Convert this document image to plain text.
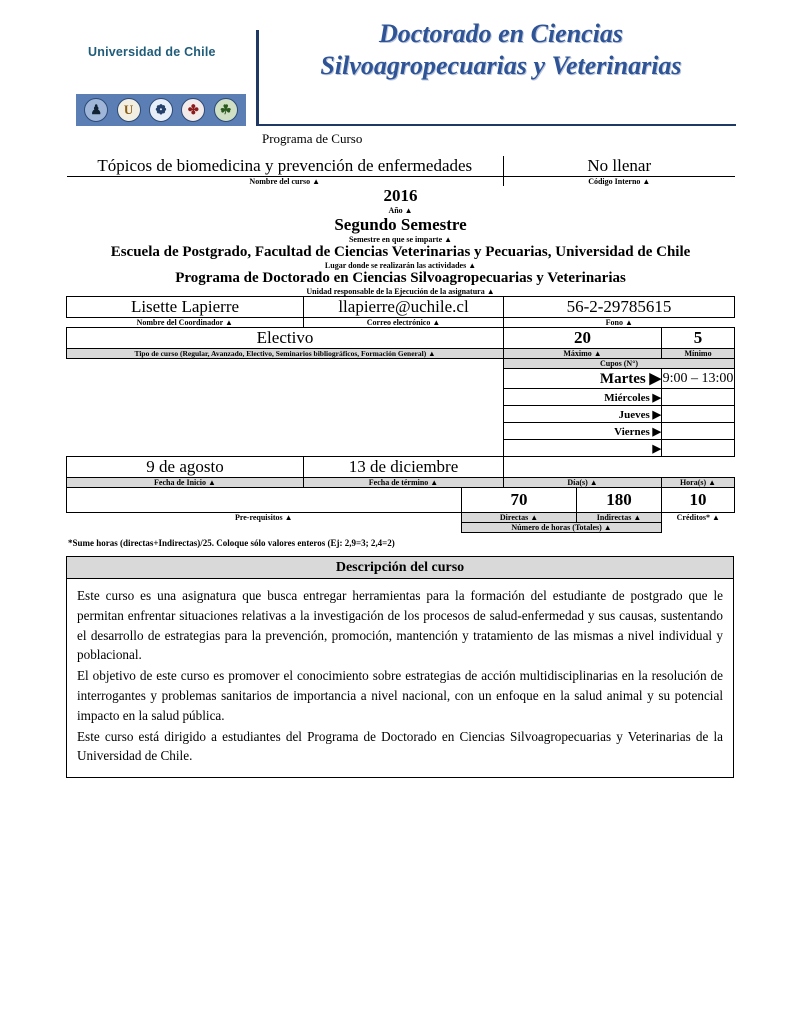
Universidad de Chile
Doctorado en Ciencias
Silvoagropecuarias y Veterinarias
♟	U	❁	✤	☘
Programa de Curso
Tópicos de biomedicina y prevención de enfermedades			No llenar		
Nombre del curso ▲			Código Interno ▲		
2016					
Año ▲					
Segundo Semestre					
Semestre en que se imparte ▲					
Escuela de Postgrado, Facultad de Ciencias Veterinarias y Pecuarias, Universidad de Chile					
Lugar donde se realizarán las actividades ▲					
Programa de Doctorado en Ciencias Silvoagropecuarias y Veterinarias					
Unidad responsable de la Ejecución de la asignatura ▲					
Lisette Lapierre	llapierre@uchile.cl		56-2-29785615		
Nombre del Coordinador ▲	Correo electrónico ▲		Fono ▲		
Electivo			20		5
Tipo de curso (Regular, Avanzado, Electivo, Seminarios bibliográficos, Formación General) ▲			Máximo ▲		Mínimo
			Cupos (N°)		
			Martes ▶		9:00 – 13:00
			Miércoles ▶		
			Jueves ▶		
			Viernes ▶		
			▶		
9 de agosto	13 de diciembre				
Fecha de Inicio ▲	Fecha de término ▲		Día(s) ▲		Hora(s) ▲
		70		180	10
Pre-requisitos ▲		Directas ▲		Indirectas ▲	Créditos* ▲
		Número de horas (Totales) ▲			
*Sume horas (directas+Indirectas)/25. Coloque sólo valores enteros (Ej: 2,9=3; 2,4=2)
Descripción del curso

Este curso es una asignatura que busca entregar herramientas para la formación del estudiante de postgrado que le permitan enfrentar situaciones relativas a la investigación de los procesos de salud-enfermedad y sus causas, sustentando el desarrollo de estrategias para la prevención, promoción, mantención y tratamiento de las mismas a nivel individual y poblacional.

El objetivo de este curso es promover el conocimiento sobre estrategias de acción multidisciplinarias en la resolución de interrogantes y problemas sanitarios de importancia a nivel nacional, con un enfoque en la salud animal y su potencial impacto en la salud pública.

Este curso está dirigido a estudiantes del Programa de Doctorado en Ciencias Silvoagropecuarias y Veterinarias de la Universidad de Chile.
